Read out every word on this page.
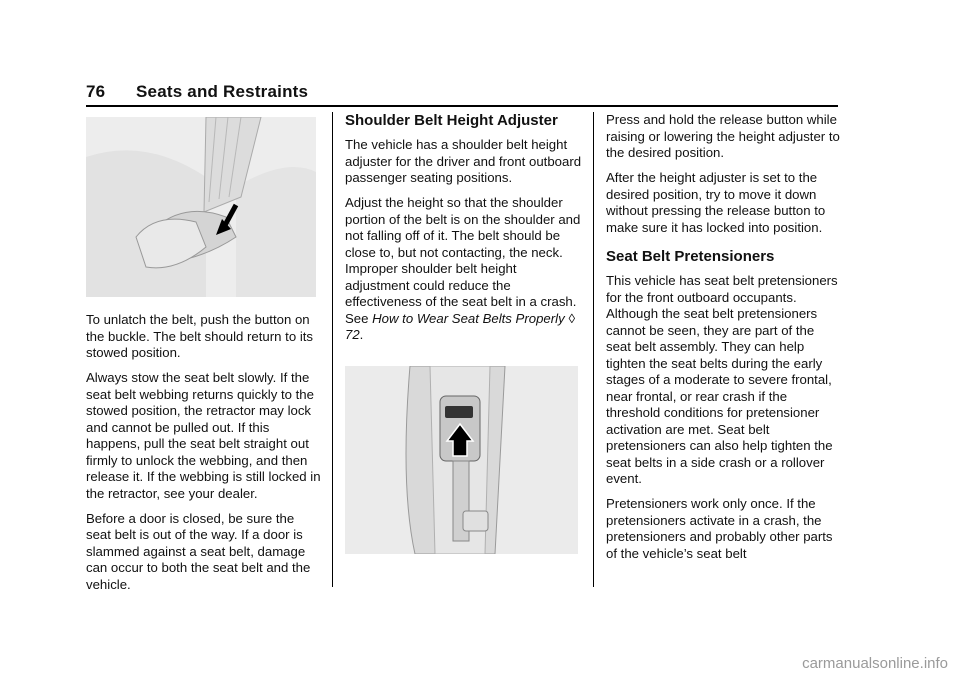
76 Seats and Restraints

To unlatch the belt, push the button on the buckle. The belt should return to its stowed position.

Always stow the seat belt slowly. If the seat belt webbing returns quickly to the stowed position, the retractor may lock and cannot be pulled out. If this happens, pull the seat belt straight out firmly to unlock the webbing, and then release it. If the webbing is still locked in the retractor, see your dealer.

Before a door is closed, be sure the seat belt is out of the way. If a door is slammed against a seat belt, damage can occur to both the seat belt and the vehicle.

Shoulder Belt Height Adjuster

The vehicle has a shoulder belt height adjuster for the driver and front outboard passenger seating positions.

Adjust the height so that the shoulder portion of the belt is on the shoulder and not falling off of it. The belt should be close to, but not contacting, the neck. Improper shoulder belt height adjustment could reduce the effectiveness of the seat belt in a crash. See How to Wear Seat Belts Properly ◊ 72.

Press and hold the release button while raising or lowering the height adjuster to the desired position.

After the height adjuster is set to the desired position, try to move it down without pressing the release button to make sure it has locked into position.

Seat Belt Pretensioners

This vehicle has seat belt pretensioners for the front outboard occupants. Although the seat belt pretensioners cannot be seen, they are part of the seat belt assembly. They can help tighten the seat belts during the early stages of a moderate to severe frontal, near frontal, or rear crash if the threshold conditions for pretensioner activation are met. Seat belt pretensioners can also help tighten the seat belts in a side crash or a rollover event.

Pretensioners work only once. If the pretensioners activate in a crash, the pretensioners and probably other parts of the vehicle’s seat belt

carmanualsonline.info
